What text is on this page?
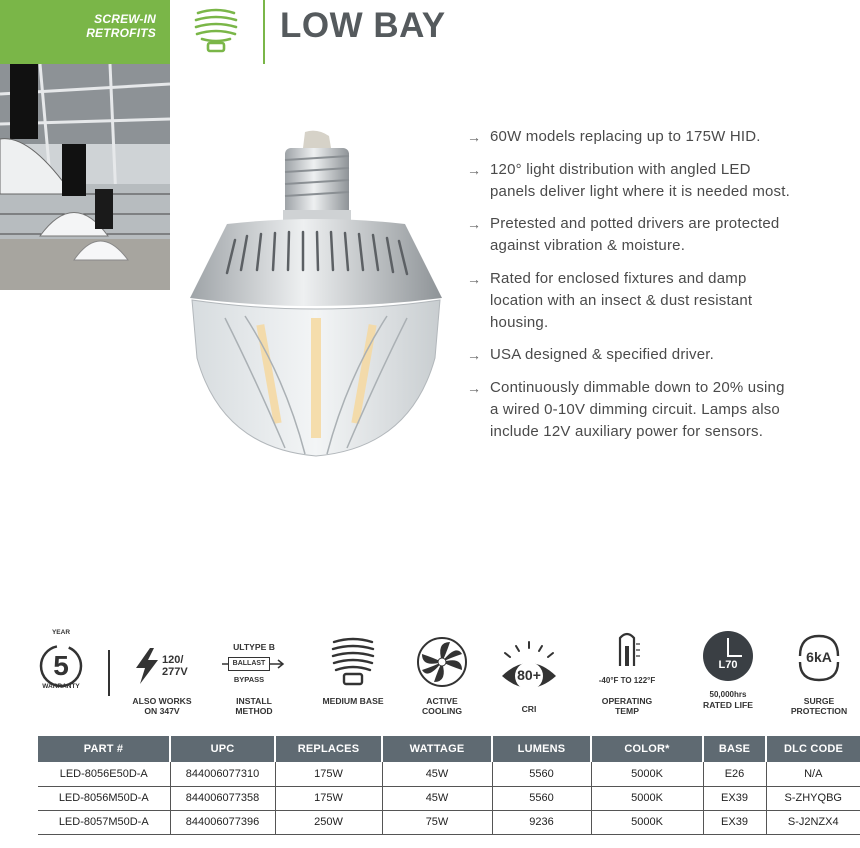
SCREW-IN
RETROFITS	LOW BAY
→ 60W models replacing up to 175W HID.
→ 120° light distribution with angled LED panels deliver light where it is needed most.
→ Pretested and potted drivers are protected against vibration & moisture.
→ Rated for enclosed fixtures and damp location with an insect & dust resistant housing.
→ USA designed & specified driver.
→ Continuously dimmable down to 20% using a wired 0-10V dimming circuit. Lamps also include 12V auxiliary power for sensors.
5
YEAR
WARRANTY
120/
277V
ALSO WORKS
ON 347V
ULTYPE B
BALLAST
BYPASS
INSTALL
METHOD
MEDIUM BASE	ACTIVE
COOLING
80+
CRI
-40°F TO 122°F
OPERATING
TEMP
L70
50,000hrs
RATED LIFE
6kA
SURGE
PROTECTION
PART #	UPC	REPLACES	WATTAGE	LUMENS	COLOR*	BASE	DLC CODE
LED-8056E50D-A	844006077310	175W	45W	5560	5000K	E26	N/A
LED-8056M50D-A	844006077358	175W	45W	5560	5000K	EX39	S-ZHYQBG
LED-8057M50D-A	844006077396	250W	75W	9236	5000K	EX39	S-J2NZX4
